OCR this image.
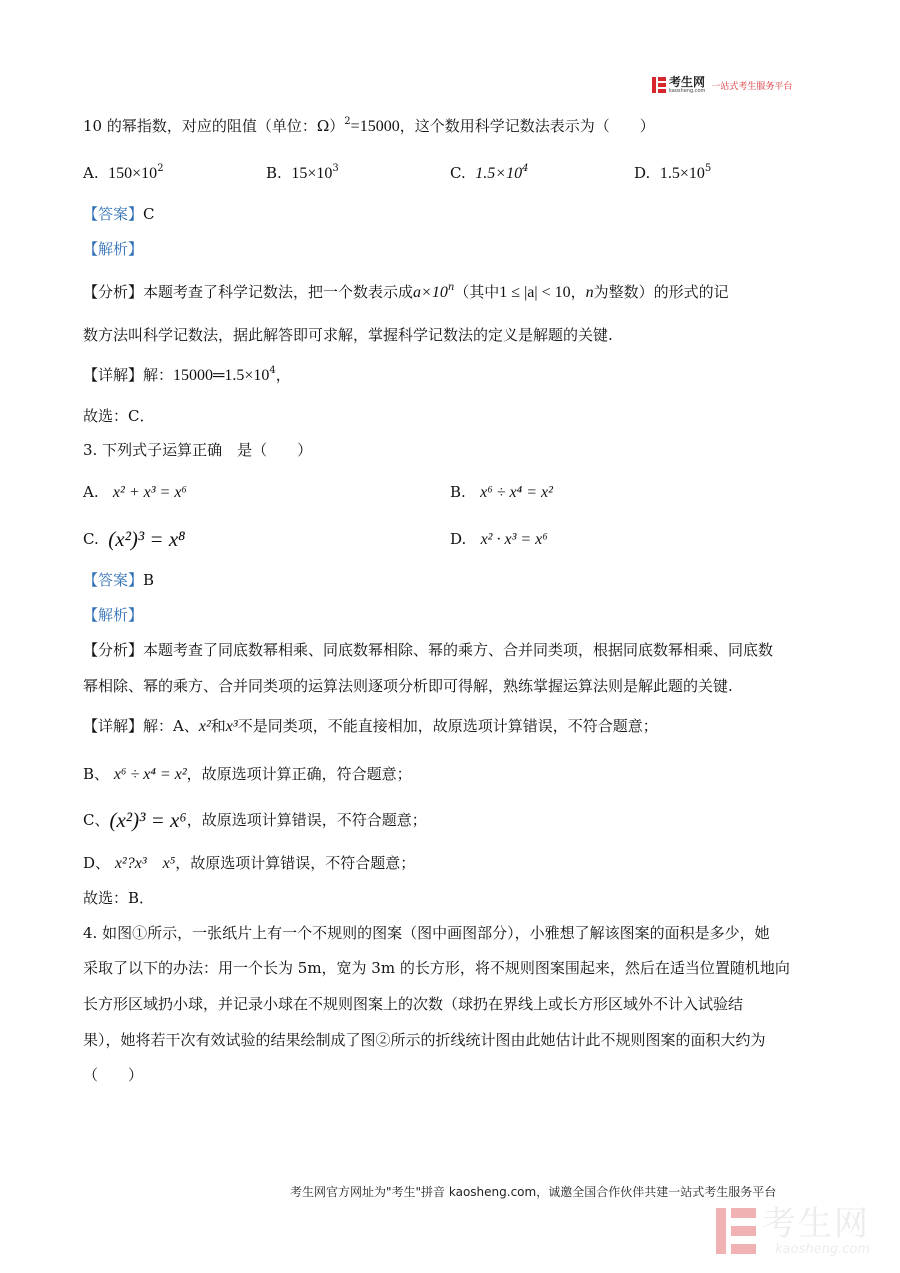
考生网
kaosheng.com 一站式考生服务平台
10 的幂指数，对应的阻值（单位：Ω）$^2$=15000，这个数用科学记数法表示为（　　）
A. $150\times 10^2$	B. $15\times 10^3$	C. $1.5\times 10^4$	D. $1.5\times 10^5$
【答案】C
【解析】
【分析】本题考查了科学记数法，把一个数表示成$a\times 10^n$（其中1 ≤ |a| < 10，n为整数）的形式的记
数方法叫科学记数法，据此解答即可求解，掌握科学记数法的定义是解题的关键.
【详解】解：$15000═1.5\times 10^4$，
故选：C．
3. 下列式子运算正确　是（　　）
A. x² + x³ = x⁶	B. x⁶ ÷ x⁴ = x²
C. (x²)³ = x⁸	D. x² · x³ = x⁶
【答案】B
【解析】
【分析】本题考查了同底数幂相乘、同底数幂相除、幂的乘方、合并同类项，根据同底数幂相乘、同底数
幂相除、幂的乘方、合并同类项的运算法则逐项分析即可得解，熟练掌握运算法则是解此题的关键.
【详解】解：A、x²和x³不是同类项，不能直接相加，故原选项计算错误，不符合题意；
B、 x⁶ ÷ x⁴ = x²，故原选项计算正确，符合题意；
C、(x²)³ = x⁶，故原选项计算错误，不符合题意；
D、 x²?x³　x⁵，故原选项计算错误，不符合题意；
故选：B．
4. 如图①所示，一张纸片上有一个不规则的图案（图中画图部分），小雅想了解该图案的面积是多少，她
采取了以下的办法：用一个长为 5m，宽为 3m 的长方形，将不规则图案围起来，然后在适当位置随机地向
长方形区域扔小球，并记录小球在不规则图案上的次数（球扔在界线上或长方形区域外不计入试验结
果），她将若干次有效试验的结果绘制成了图②所示的折线统计图由此她估计此不规则图案的面积大约为
（　　）
考生网官方网址为"考生"拼音 kaosheng.com，诚邀全国合作伙伴共建一站式考生服务平台
考生网
kaosheng.com
